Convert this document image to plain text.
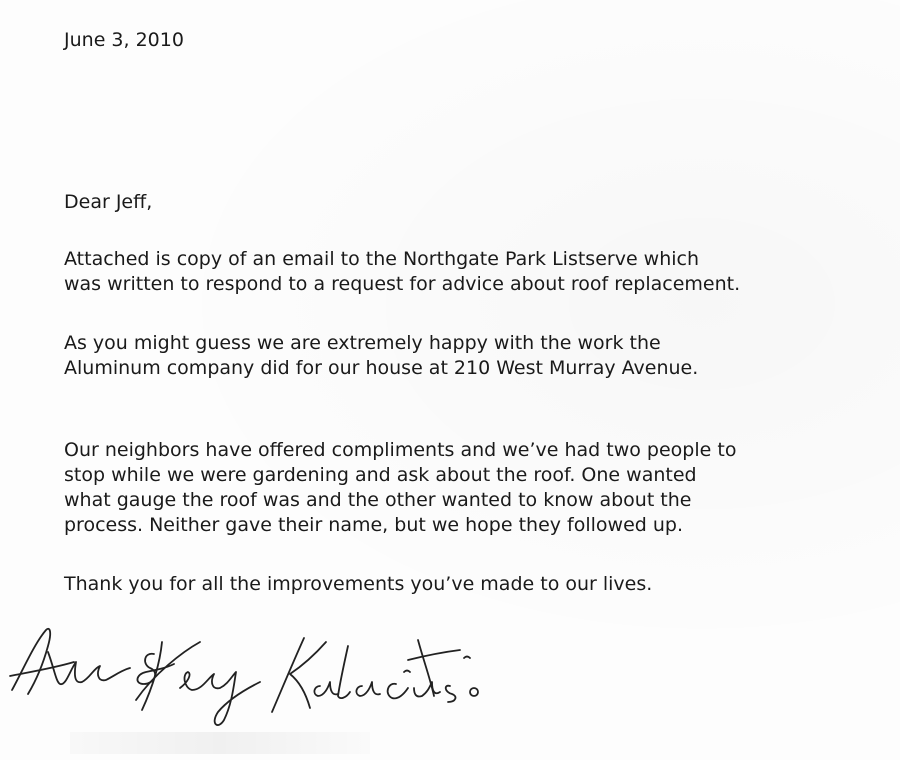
June 3, 2010

Dear Jeff,

Attached is copy of an email to the Northgate Park Listserve which
was written to respond to a request for advice about roof replacement.
As you might guess we are extremely happy with the work the
Aluminum company did for our house at 210 West Murray Avenue.
Our neighbors have offered compliments and we’ve had two people to
stop while we were gardening and ask about the roof. One wanted
what gauge the roof was and the other wanted to know about the
process. Neither gave their name, but we hope they followed up.
Thank you for all the improvements you’ve made to our lives.
